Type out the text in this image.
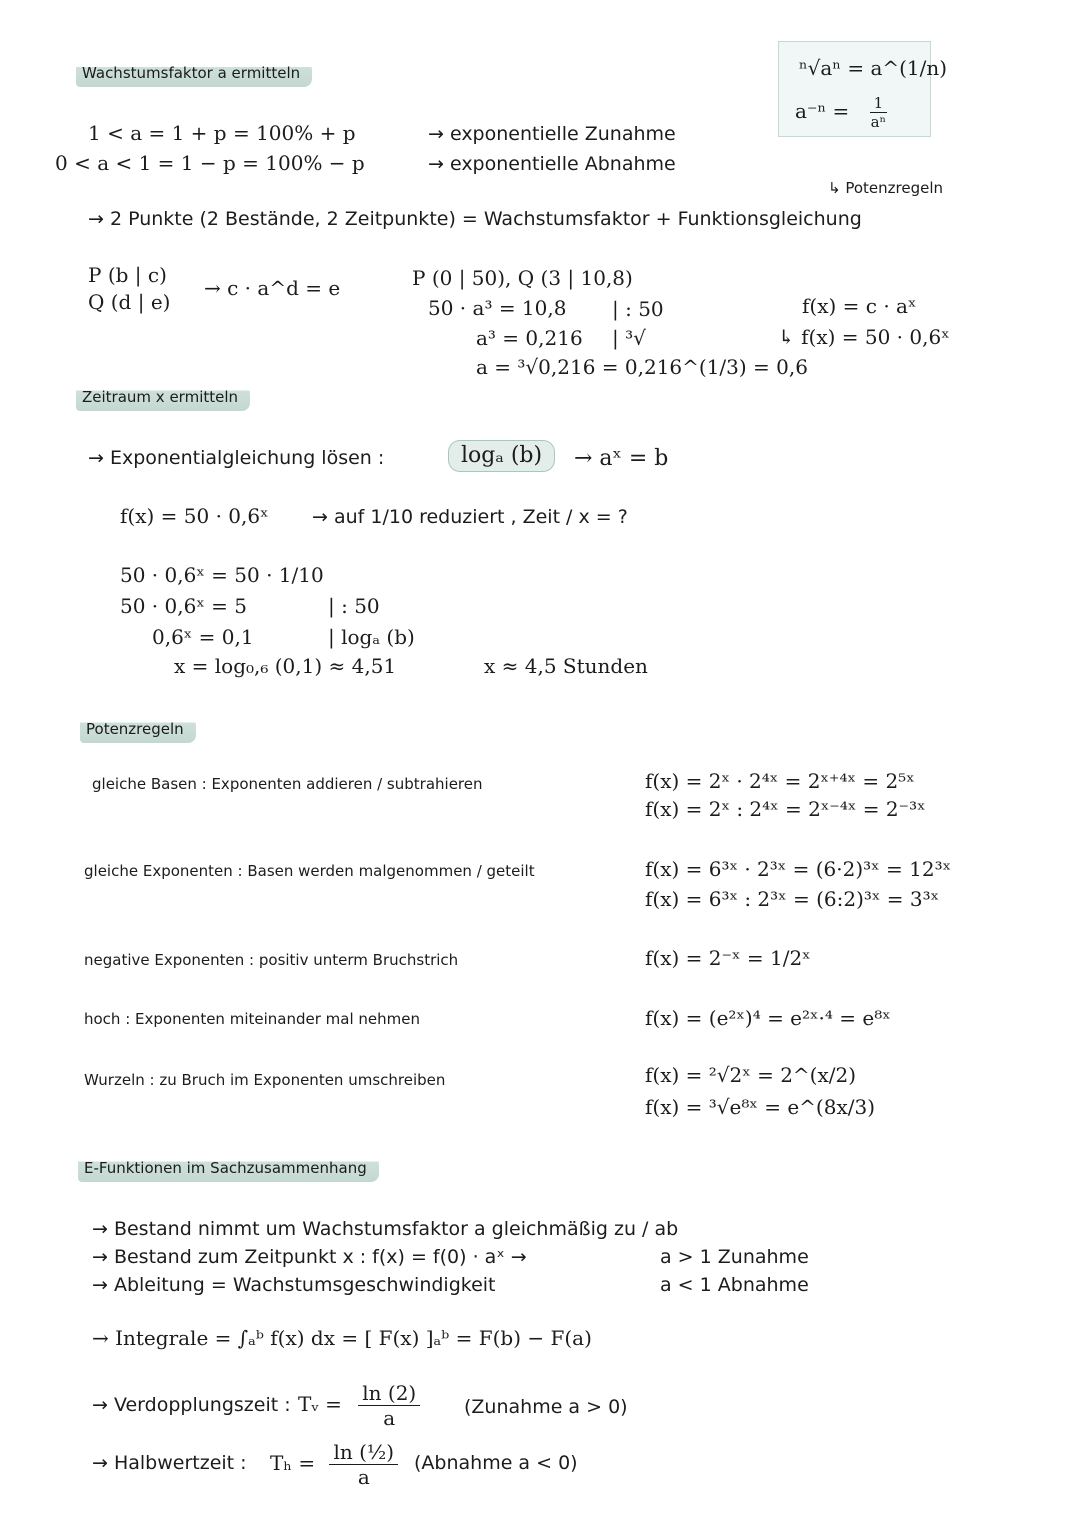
ⁿ√aⁿ = a^(1/n)
$a^{-n} = \frac{1}{\text{aⁿ}}$
↳ Potenzregeln
Wachstumsfaktor a ermitteln
1 < a = 1 + p = 100% + p	→ exponentielle Zunahme
0 < a < 1 = 1 − p = 100% − p	→ exponentielle Abnahme
→ 2 Punkte (2 Bestände, 2 Zeitpunkte) = Wachstumsfaktor + Funktionsgleichung
P (b | c)
Q (d | e)
→ c · a^d = e	P (0 | 50), Q (3 | 10,8)
50 · a³ = 10,8 | : 50
a³ = 0,216 | ³√
a = ³√0,216 = 0,216^(1/3) = 0,6
f(x) = c · aˣ
↳ f(x) = 50 · 0,6ˣ
Zeitraum x ermitteln
→ Exponentialgleichung lösen :	logₐ (b)	→ aˣ = b
f(x) = 50 · 0,6ˣ → auf 1/10 reduziert , Zeit / x = ?
50 · 0,6ˣ = 50 · 1/10
50 · 0,6ˣ = 5	| : 50
0,6ˣ = 0,1	| logₐ (b)
x = log₀,₆ (0,1) ≈ 4,51	x ≈ 4,5 Stunden
Potenzregeln
gleiche Basen : Exponenten addieren / subtrahieren	f(x) = 2ˣ · 2⁴ˣ = 2ˣ⁺⁴ˣ = 2⁵ˣ
f(x) = 2ˣ : 2⁴ˣ = 2ˣ⁻⁴ˣ = 2⁻³ˣ
gleiche Exponenten : Basen werden malgenommen / geteilt	f(x) = 6³ˣ · 2³ˣ = (6·2)³ˣ = 12³ˣ
f(x) = 6³ˣ : 2³ˣ = (6:2)³ˣ = 3³ˣ
negative Exponenten : positiv unterm Bruchstrich	f(x) = 2⁻ˣ = 1/2ˣ
hoch : Exponenten miteinander mal nehmen	f(x) = (e²ˣ)⁴ = e²ˣ·⁴ = e⁸ˣ
Wurzeln : zu Bruch im Exponenten umschreiben	f(x) = ²√2ˣ = 2^(x/2)
f(x) = ³√e⁸ˣ = e^(8x/3)
E-Funktionen im Sachzusammenhang
→ Bestand nimmt um Wachstumsfaktor a gleichmäßig zu / ab
→ Bestand zum Zeitpunkt x : f(x) = f(0) · aˣ →	a > 1 Zunahme
→ Ableitung = Wachstumsgeschwindigkeit	a < 1 Abnahme
→ Integrale = ∫ₐᵇ f(x) dx = [ F(x) ]ₐᵇ = F(b) − F(a)
→ Verdopplungszeit : Tᵥ = $\frac{\ln (2)}{a}$ (Zunahme a > 0)
→ Halbwertzeit : $T_h = \frac{\text{ln (½)}}{a}$ (Abnahme a < 0)
